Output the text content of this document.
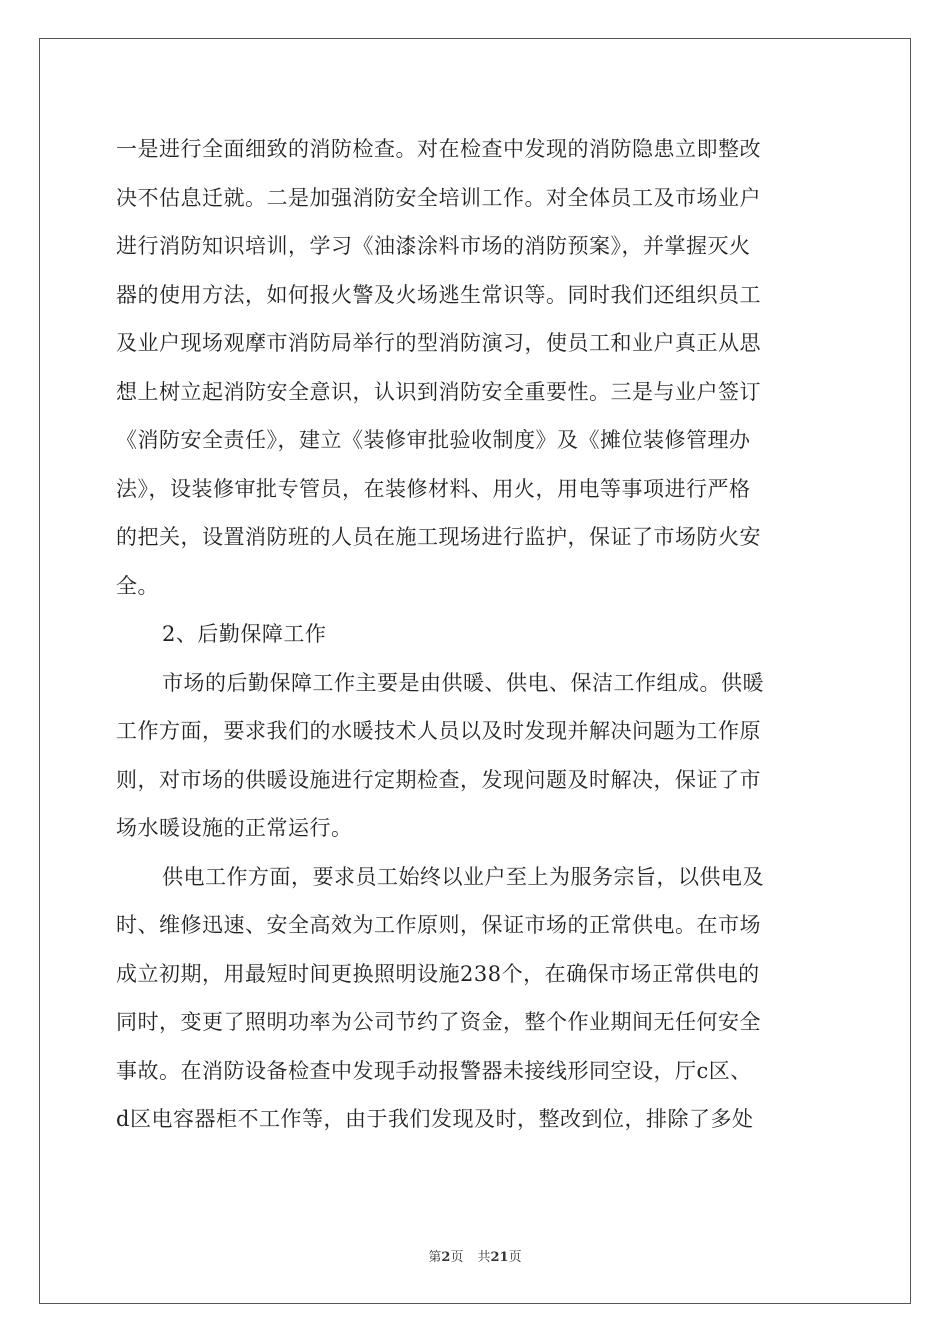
一是进行全面细致的消防检查。对在检查中发现的消防隐患立即整改
决不估息迁就。二是加强消防安全培训工作。对全体员工及市场业户
进行消防知识培训，学习《油漆涂料市场的消防预案》，并掌握灭火
器的使用方法，如何报火警及火场逃生常识等。同时我们还组织员工
及业户现场观摩市消防局举行的型消防演习，使员工和业户真正从思
想上树立起消防安全意识，认识到消防安全重要性。三是与业户签订
《消防安全责任》，建立《装修审批验收制度》及《摊位装修管理办
法》，设装修审批专管员，在装修材料、用火，用电等事项进行严格
的把关，设置消防班的人员在施工现场进行监护，保证了市场防火安
全。
2、后勤保障工作
市场的后勤保障工作主要是由供暖、供电、保洁工作组成。供暖
工作方面，要求我们的水暖技术人员以及时发现并解决问题为工作原
则，对市场的供暖设施进行定期检查，发现问题及时解决，保证了市
场水暖设施的正常运行。
供电工作方面，要求员工始终以业户至上为服务宗旨，以供电及
时、维修迅速、安全高效为工作原则，保证市场的正常供电。在市场
成立初期，用最短时间更换照明设施238个，在确保市场正常供电的
同时，变更了照明功率为公司节约了资金，整个作业期间无任何安全
事故。在消防设备检查中发现手动报警器未接线形同空设，厅c区、
d区电容器柜不工作等，由于我们发现及时，整改到位，排除了多处
第2页 共21页
